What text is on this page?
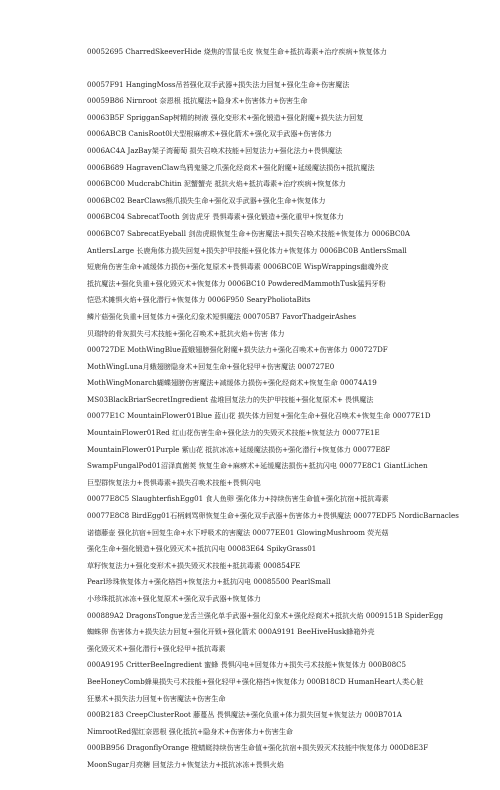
00052695 CharredSkeeverHide 烧焦的雪鼠毛皮 恢复生命+抵抗毒素+治疗疾病+恢复体力
00057F91 HangingMoss吊苔强化双手武器+损失法力回复+强化生命+伤害魔法
00059B86 Nirnroot 奈恩根 抵抗魔法+隐身术+伤害体力+伤害生命
00063B5F SprigganSap树精的树液 强化变形术+强化锻造+强化附魔+损失法力回复
0006ABCB CanisRoot0l犬型根麻痹术+强化箭术+强化双手武器+伤害体力
0006AC4A JazBay架子湾葡萄 损失召唤术技能+回复法力+强化法力+畏惧魔法
0006B689 HagravenClaw鸟鸦鬼婆之爪强化经商术+强化附魔+延缓魔法损伤+抵抗魔法
0006BC00 MudcrabChitin 泥蟹蟹壳 抵抗火焰+抵抗毒素+治疗疾病+恢复体力
0006BC02 BearClaws熊爪损失生命+强化双手武器+强化生命+恢复体力
0006BC04 SabrecatTooth 剑齿虎牙 畏惧毒素+强化锻造+强化重甲+恢复体力
0006BC07 SabrecatEyeball 剑齿虎眼恢复生命+伤害魔法+损失召唤术技能+恢复体力 0006BC0A
AntlersLarge 长鹿角体力损失回复+损失护甲技能+强化体力+恢复体力 0006BC0B AntlersSmall
短鹿角伤害生命+减缓体力损伤+强化复原术+畏惧毒素 0006BC0E WispWrappings幽魂外皮
抵抗魔法+强化负重+强化毁灭术+恢复体力 0006BC10 PowderedMammothTusk猛犸牙粉
恺恐术摊惧火焰+强化潜行+恢复体力 0006F950 SearyPholiotaBits
鳞片菇强化负重+回复体力+强化幻象术短惧魔法 000705B7 FavorThadgeirAshes
贝瑞特的骨灰损失弓术技能+强化召唤术+抵抗火焰+伤害 体力
000727DE MothWingBlue蓝蛾翅膀强化附魔+损失法力+强化召唤术+伤害体力 000727DF
MothWingLuna月蛾翅膀隐身术+回复生命+强化轻甲+伤害魔法 000727E0
MothWingMonarch蝴蝶翅膀伤害魔法+减缓体力损伤+强化经商术+恢复生命 00074A19
MS03BlackBriarSecretIngredient 盐堆回复法力的失护甲技能+强化复原术+ 畏惧魔法
00077E1C MountainFlower01Blue 蓝山花 损失体力回复+强化生命+强化召唤术+恢复生命 00077E1D
MountainFlower01Red 红山花伤害生命+强化法力的失毁灭术技能+恢复法力 00077E1E
MountainFlower01Purple 紫山花 抵抗冰冻+延缓魔法损伤+强化潜行+恢复体力 00077E8F
SwampFungalPod01沼泽真菌荚 恢复生命+麻痹术+延缓魔法损伤+抵抗闪电 00077E8C1 GiantLichen
巨型群恢复法力+畏惧毒素+损失召唤术技能+畏惧闪电
00077E8C5 SlaughterfishEgg01 食人鱼卵 强化体力+持续伤害生命值+强化抗宿+抵抗毒素
00077E8C8 BirdEgg01石柄刺骂卵恢复生命+强化双手武器+伤害体力+畏惧魔法 00077EDF5 NordicBarnacles
诺德藤壶 强化抗宿+回复生命+水下呼吸术的害魔法 00077EE01 GlowingMushroom 荧光菇
强化生命+强化锻造+强化毁灭术+抵抗闪电 00083E64 SpikyGrass01
草籽恢复法力+强化变形术+损失毁灭术技能+抵抗毒素 000854FE
Pearl珍珠恢复体力+强化格挡+恢复法力+抵抗闪电 00085500 PearlSmall
小珍珠抵抗冰冻+强化复原术+强化双手武器+恢复体力
000889A2 DragonsTongue龙舌兰强化单手武器+强化幻象术+强化经商术+抵抗火焰 0009151B SpiderEgg
蜘蛛卵 伤害体力+损失法力回复+强化开锁+强化箭术 000A9191 BeeHiveHusk蜂箱外壳
强化毁灭术+强化潜行+强化轻甲+抵抗毒素
000A9195 CritterBeeIngredient 蜜蜂 畏惧闪电+回复体力+损失弓术技能+恢复体力 000B08C5
BeeHoneyComb蜂巢损失弓术技能+强化轻甲+强化格挡+恢复体力 000B18CD HumanHeart人类心脏
狂暴术+损失法力回复+伤害魔法+伤害生命
000B2183 CreepClusterRoot 藤蔓丛 畏惧魔法+强化负重+体力损失回复+恢复法力 000B701A
NimrootRed猩红奈恩根 强化抵抗+隐身术+伤害体力+伤害生命
000BB956 DragonflyOrange 橙蜻蜓持续伤害生命值+强化抗宿+损失毁灭术技能中恢复体力 000D8E3F
MoonSugar月亮糖 回复法力+恢复法力+抵抗冰冻+畏惧火焰
